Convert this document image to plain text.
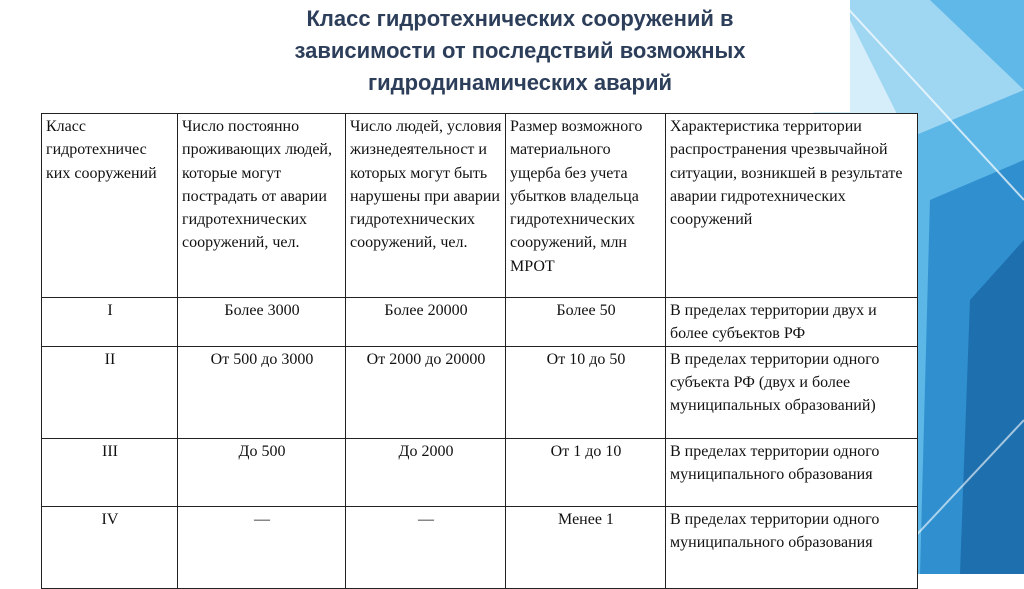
Класс гидротехнических сооружений в
зависимости от последствий возможных
гидродинамических аварий
Класс гидротехничес ких сооружений	Число постоянно проживающих людей, которые могут пострадать от аварии гидротехнических сооружений, чел.	Число людей, условия жизнедеятельност и которых могут быть нарушены при аварии гидротехнических сооружений, чел.	Размер возможного материального ущерба без учета убытков владельца гидротехнических сооружений, млн МРОТ	Характеристика территории распространения чрезвычайной ситуации, возникшей в результате аварии гидротехнических сооружений
I	Более 3000	Более 20000	Более 50	В пределах территории двух и более субъектов РФ
II	От 500 до 3000	От 2000 до 20000	От 10 до 50	В пределах территории одного субъекта РФ (двух и более муниципальных образований)
III	До 500	До 2000	От 1 до 10	В пределах территории одного муниципального образования
IV	—	—	Менее 1	В пределах территории одного муниципального образования
